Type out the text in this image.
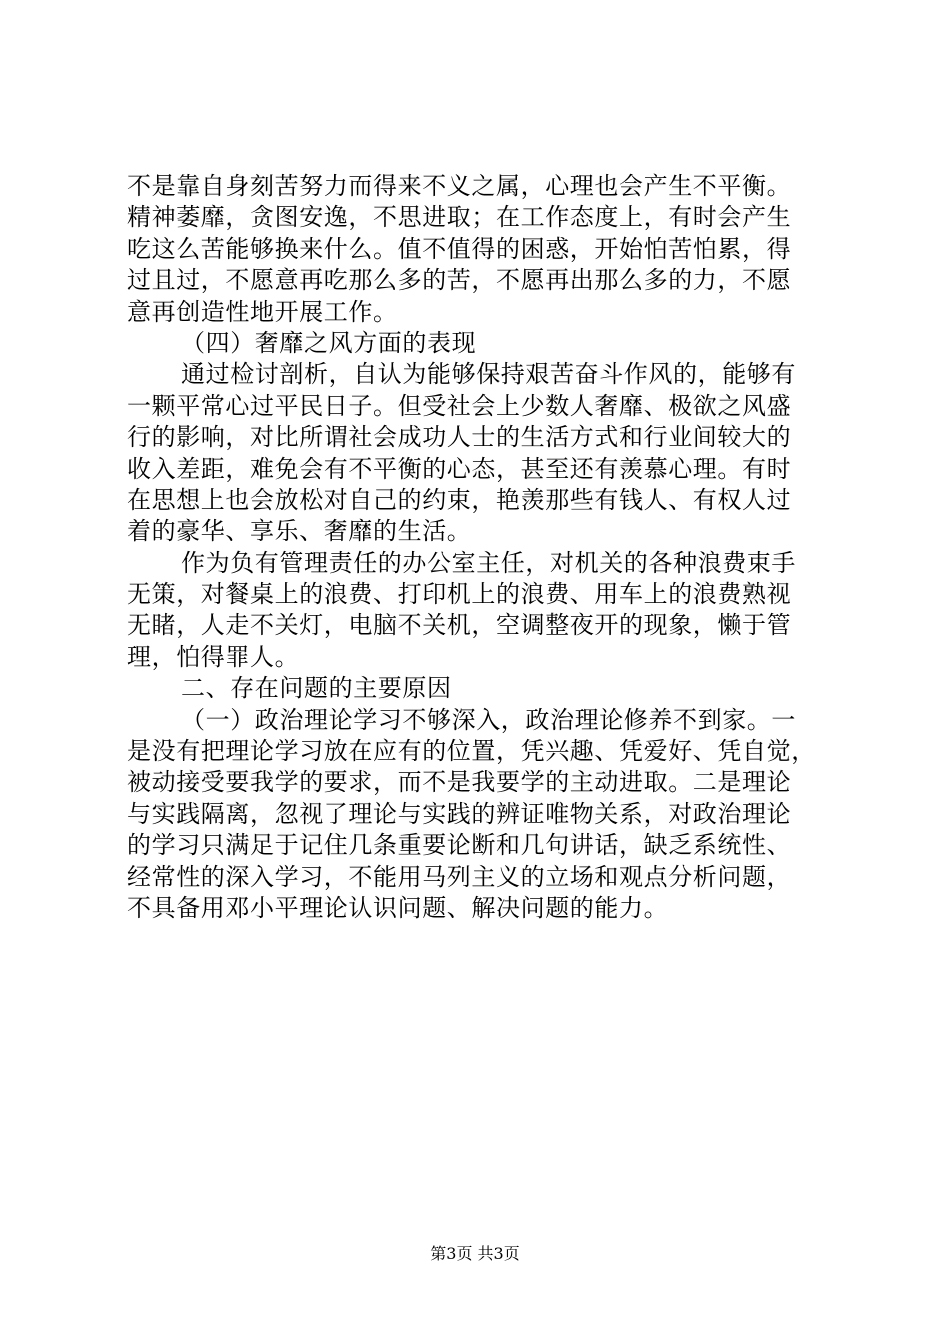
不是靠自身刻苦努力而得来不义之属，心理也会产生不平衡。
精神萎靡，贪图安逸，不思进取；在工作态度上，有时会产生
吃这么苦能够换来什么。值不值得的困惑，开始怕苦怕累，得
过且过，不愿意再吃那么多的苦，不愿再出那么多的力，不愿
意再创造性地开展工作。
（四）奢靡之风方面的表现
通过检讨剖析，自认为能够保持艰苦奋斗作风的，能够有
一颗平常心过平民日子。但受社会上少数人奢靡、极欲之风盛
行的影响，对比所谓社会成功人士的生活方式和行业间较大的
收入差距，难免会有不平衡的心态，甚至还有羡慕心理。有时
在思想上也会放松对自己的约束，艳羡那些有钱人、有权人过
着的豪华、享乐、奢靡的生活。
作为负有管理责任的办公室主任，对机关的各种浪费束手
无策，对餐桌上的浪费、打印机上的浪费、用车上的浪费熟视
无睹，人走不关灯，电脑不关机，空调整夜开的现象，懒于管
理，怕得罪人。
二、存在问题的主要原因
（一）政治理论学习不够深入，政治理论修养不到家。一
是没有把理论学习放在应有的位置，凭兴趣、凭爱好、凭自觉，
被动接受要我学的要求，而不是我要学的主动进取。二是理论
与实践隔离，忽视了理论与实践的辨证唯物关系，对政治理论
的学习只满足于记住几条重要论断和几句讲话，缺乏系统性、
经常性的深入学习，不能用马列主义的立场和观点分析问题，
不具备用邓小平理论认识问题、解决问题的能力。
第3页 共3页
